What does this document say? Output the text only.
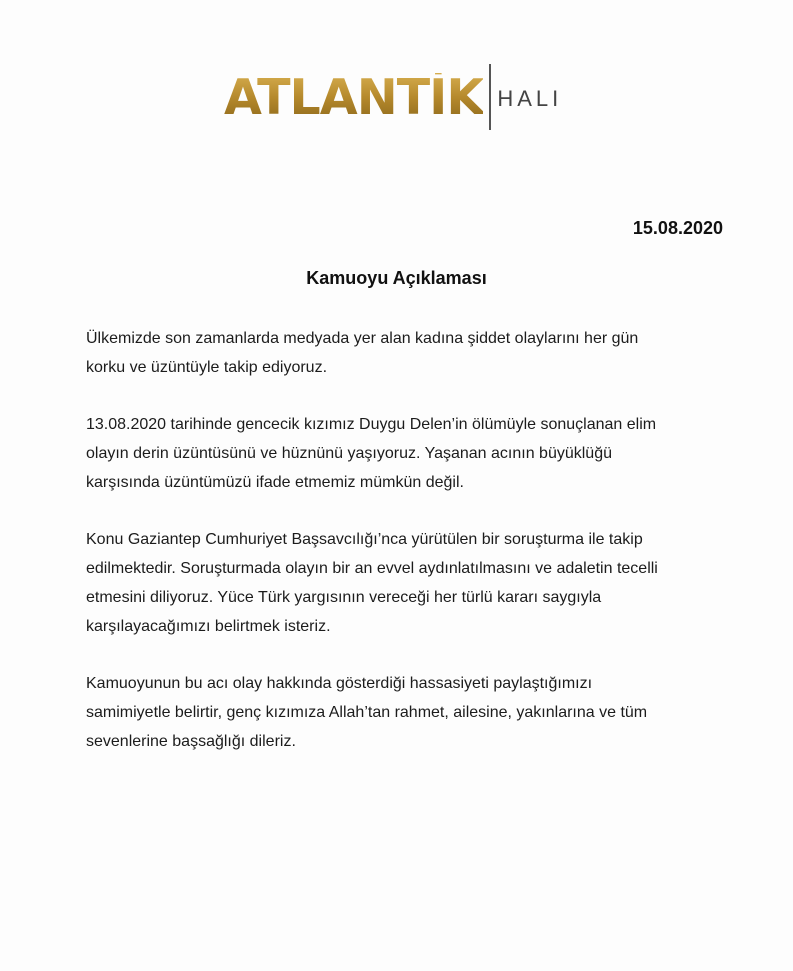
ATLANTİK HALI
15.08.2020
Kamuoyu Açıklaması

Ülkemizde son zamanlarda medyada yer alan kadına şiddet olaylarını her gün
korku ve üzüntüyle takip ediyoruz.

13.08.2020 tarihinde gencecik kızımız Duygu Delen’in ölümüyle sonuçlanan elim
olayın derin üzüntüsünü ve hüznünü yaşıyoruz. Yaşanan acının büyüklüğü
karşısında üzüntümüzü ifade etmemiz mümkün değil.

Konu Gaziantep Cumhuriyet Başsavcılığı’nca yürütülen bir soruşturma ile takip
edilmektedir. Soruşturmada olayın bir an evvel aydınlatılmasını ve adaletin tecelli
etmesini diliyoruz. Yüce Türk yargısının vereceği her türlü kararı saygıyla
karşılayacağımızı belirtmek isteriz.

Kamuoyunun bu acı olay hakkında gösterdiği hassasiyeti paylaştığımızı
samimiyetle belirtir, genç kızımıza Allah’tan rahmet, ailesine, yakınlarına ve tüm
sevenlerine başsağlığı dileriz.
